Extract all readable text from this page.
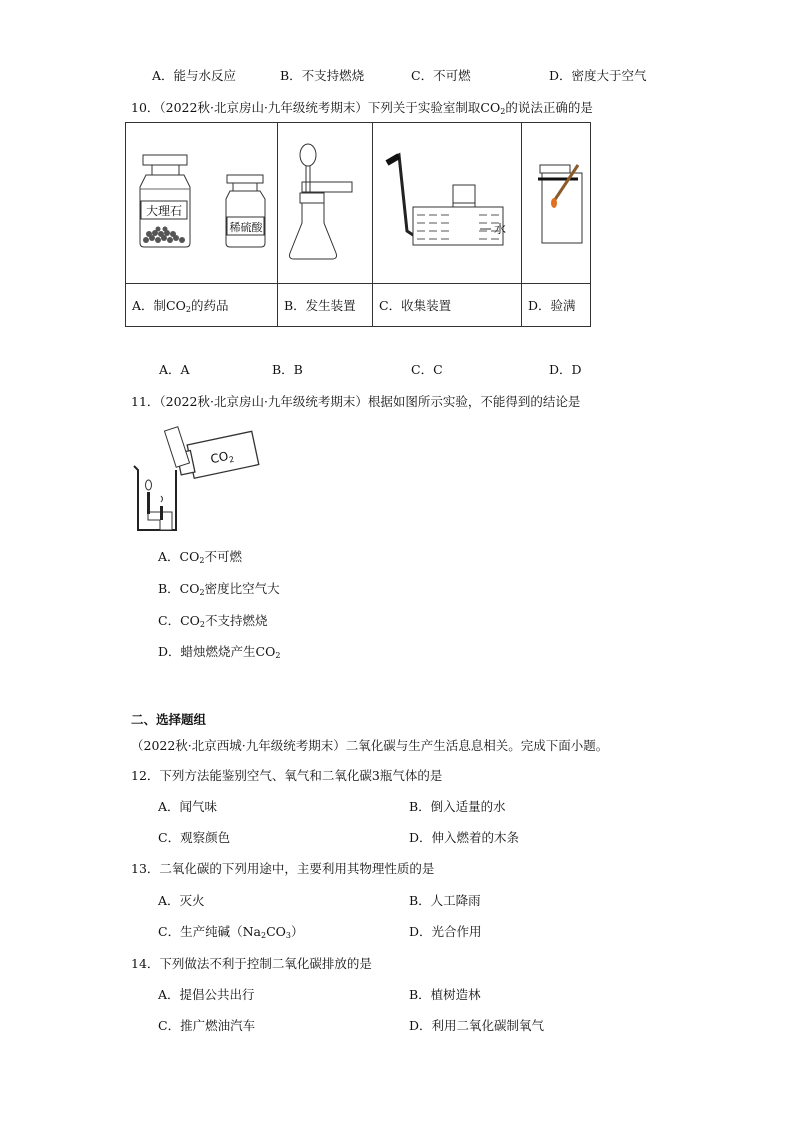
A．能与水反应	B．不支持燃烧	C．不可燃	D．密度大于空气
10．（2022秋·北京房山·九年级统考期末）下列关于实验室制取$CO_2$的说法正确的是
大理石
稀硫酸		水

A．制$CO_2$的药品	B．发生装置	C．收集装置	D．验满
A．A	B．B	C．C	D．D
11．（2022秋·北京房山·九年级统考期末）根据如图所示实验，不能得到的结论是
$CO_2$
A．$CO_2$不可燃
B．$CO_2$密度比空气大
C．$CO_2$不支持燃烧
D．蜡烛燃烧产生$CO_2$
二、选择题组
（2022秋·北京西城·九年级统考期末）二氧化碳与生产生活息息相关。完成下面小题。
12．下列方法能鉴别空气、氧气和二氧化碳3瓶气体的是
A．闻气味	B．倒入适量的水
C．观察颜色	D．伸入燃着的木条
13．二氧化碳的下列用途中，主要利用其物理性质的是
A．灭火	B．人工降雨
C．生产纯碱$(Na_2CO_3)$	D．光合作用
14．下列做法不利于控制二氧化碳排放的是
A．提倡公共出行	B．植树造林
C．推广燃油汽车	D．利用二氧化碳制氧气
